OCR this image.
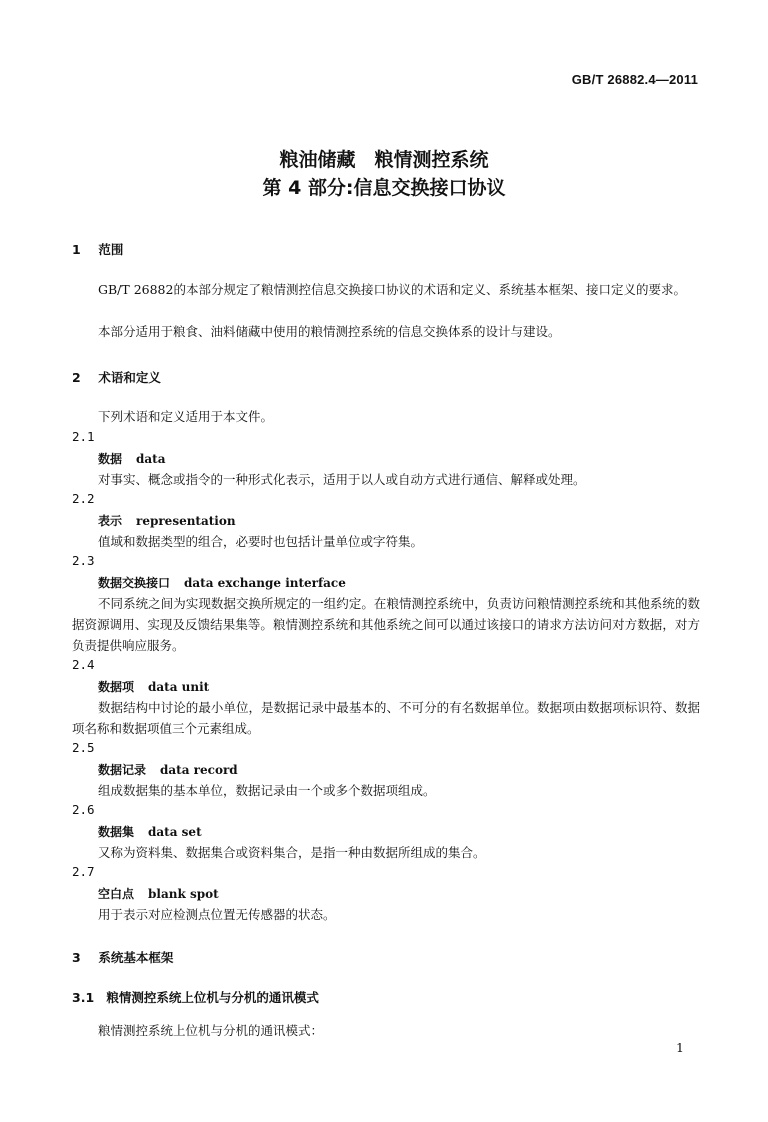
GB/T 26882.4—2011
粮油储藏　粮情测控系统
第 4 部分:信息交换接口协议
1 范围
GB/T 26882的本部分规定了粮情测控信息交换接口协议的术语和定义、系统基本框架、接口定义的要求。
本部分适用于粮食、油料储藏中使用的粮情测控系统的信息交换体系的设计与建设。
2 术语和定义
下列术语和定义适用于本文件。
2.1
数据 data
对事实、概念或指令的一种形式化表示，适用于以人或自动方式进行通信、解释或处理。
2.2
表示 representation
值域和数据类型的组合，必要时也包括计量单位或字符集。
2.3
数据交换接口 data exchange interface
不同系统之间为实现数据交换所规定的一组约定。在粮情测控系统中，负责访问粮情测控系统和其他系统的数据资源调用、实现及反馈结果集等。粮情测控系统和其他系统之间可以通过该接口的请求方法访问对方数据，对方负责提供响应服务。
2.4
数据项 data unit
数据结构中讨论的最小单位，是数据记录中最基本的、不可分的有名数据单位。数据项由数据项标识符、数据项名称和数据项值三个元素组成。
2.5
数据记录 data record
组成数据集的基本单位，数据记录由一个或多个数据项组成。
2.6
数据集 data set
又称为资料集、数据集合或资料集合，是指一种由数据所组成的集合。
2.7
空白点 blank spot
用于表示对应检测点位置无传感器的状态。
3 系统基本框架
3.1 粮情测控系统上位机与分机的通讯模式
粮情测控系统上位机与分机的通讯模式：
1
